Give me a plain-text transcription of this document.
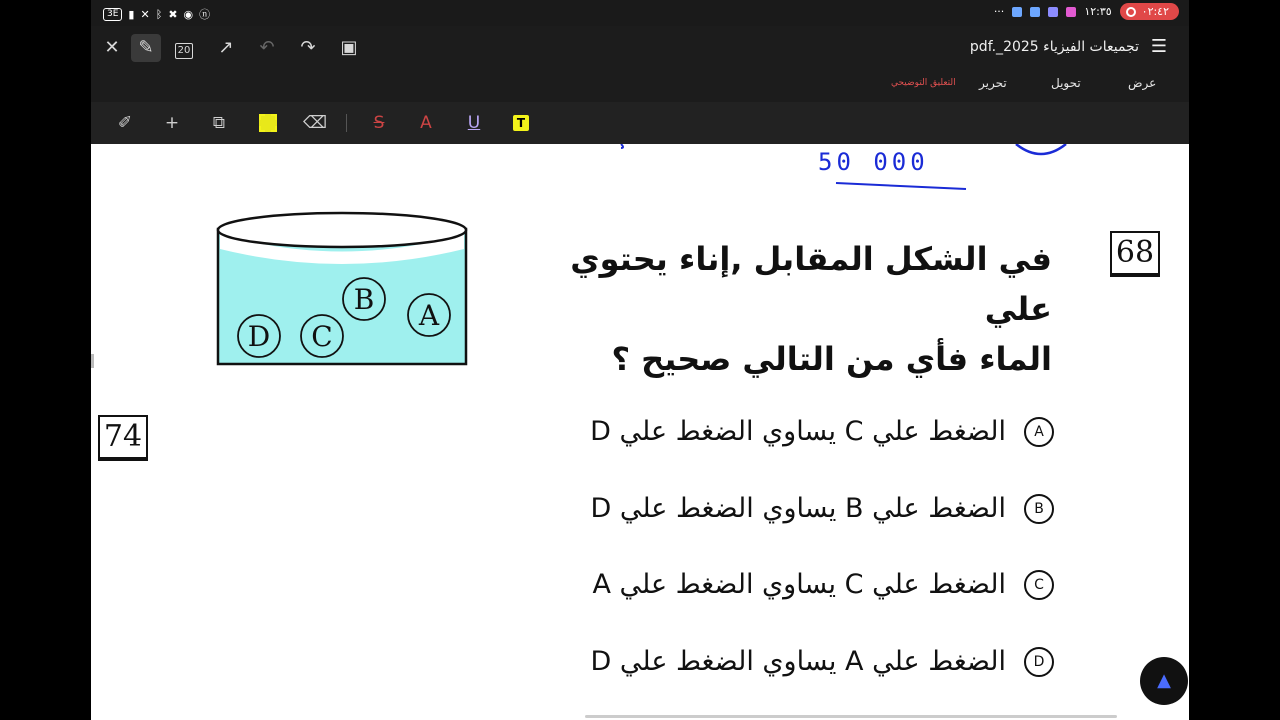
3E ▮ ✕ ᛒ ✖ ◉ ⓝ	···	١٢:٣٥	٠٢:٤٢
✕	✎	20	↗	↶	↷	▣	pdf._تجميعات الفيزياء 2025 ☰
عرض
تحويل
تحرير
التعليق التوضيحي
✐ + ⧉	⌫	S	A	U	T
50 000
68
74
A
B
C
D
في الشكل المقابل ,إناء يحتوي علي
الماء فأي من التالي صحيح ؟
A
الضغط علي C يساوي الضغط علي D
B
الضغط علي B يساوي الضغط علي D
C
الضغط علي C يساوي الضغط علي A
D
الضغط علي A يساوي الضغط علي D
▲
